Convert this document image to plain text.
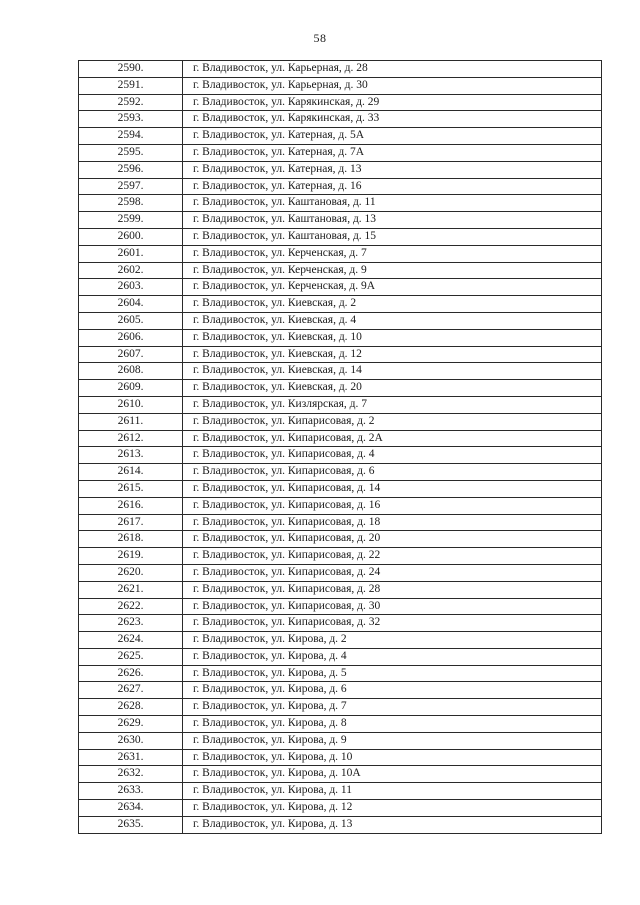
58
2590.	г. Владивосток, ул. Карьерная, д. 28
2591.	г. Владивосток, ул. Карьерная, д. 30
2592.	г. Владивосток, ул. Карякинская, д. 29
2593.	г. Владивосток, ул. Карякинская, д. 33
2594.	г. Владивосток, ул. Катерная, д. 5А
2595.	г. Владивосток, ул. Катерная, д. 7А
2596.	г. Владивосток, ул. Катерная, д. 13
2597.	г. Владивосток, ул. Катерная, д. 16
2598.	г. Владивосток, ул. Каштановая, д. 11
2599.	г. Владивосток, ул. Каштановая, д. 13
2600.	г. Владивосток, ул. Каштановая, д. 15
2601.	г. Владивосток, ул. Керченская, д. 7
2602.	г. Владивосток, ул. Керченская, д. 9
2603.	г. Владивосток, ул. Керченская, д. 9А
2604.	г. Владивосток, ул. Киевская, д. 2
2605.	г. Владивосток, ул. Киевская, д. 4
2606.	г. Владивосток, ул. Киевская, д. 10
2607.	г. Владивосток, ул. Киевская, д. 12
2608.	г. Владивосток, ул. Киевская, д. 14
2609.	г. Владивосток, ул. Киевская, д. 20
2610.	г. Владивосток, ул. Кизлярская, д. 7
2611.	г. Владивосток, ул. Кипарисовая, д. 2
2612.	г. Владивосток, ул. Кипарисовая, д. 2А
2613.	г. Владивосток, ул. Кипарисовая, д. 4
2614.	г. Владивосток, ул. Кипарисовая, д. 6
2615.	г. Владивосток, ул. Кипарисовая, д. 14
2616.	г. Владивосток, ул. Кипарисовая, д. 16
2617.	г. Владивосток, ул. Кипарисовая, д. 18
2618.	г. Владивосток, ул. Кипарисовая, д. 20
2619.	г. Владивосток, ул. Кипарисовая, д. 22
2620.	г. Владивосток, ул. Кипарисовая, д. 24
2621.	г. Владивосток, ул. Кипарисовая, д. 28
2622.	г. Владивосток, ул. Кипарисовая, д. 30
2623.	г. Владивосток, ул. Кипарисовая, д. 32
2624.	г. Владивосток, ул. Кирова, д. 2
2625.	г. Владивосток, ул. Кирова, д. 4
2626.	г. Владивосток, ул. Кирова, д. 5
2627.	г. Владивосток, ул. Кирова, д. 6
2628.	г. Владивосток, ул. Кирова, д. 7
2629.	г. Владивосток, ул. Кирова, д. 8
2630.	г. Владивосток, ул. Кирова, д. 9
2631.	г. Владивосток, ул. Кирова, д. 10
2632.	г. Владивосток, ул. Кирова, д. 10А
2633.	г. Владивосток, ул. Кирова, д. 11
2634.	г. Владивосток, ул. Кирова, д. 12
2635.	г. Владивосток, ул. Кирова, д. 13
